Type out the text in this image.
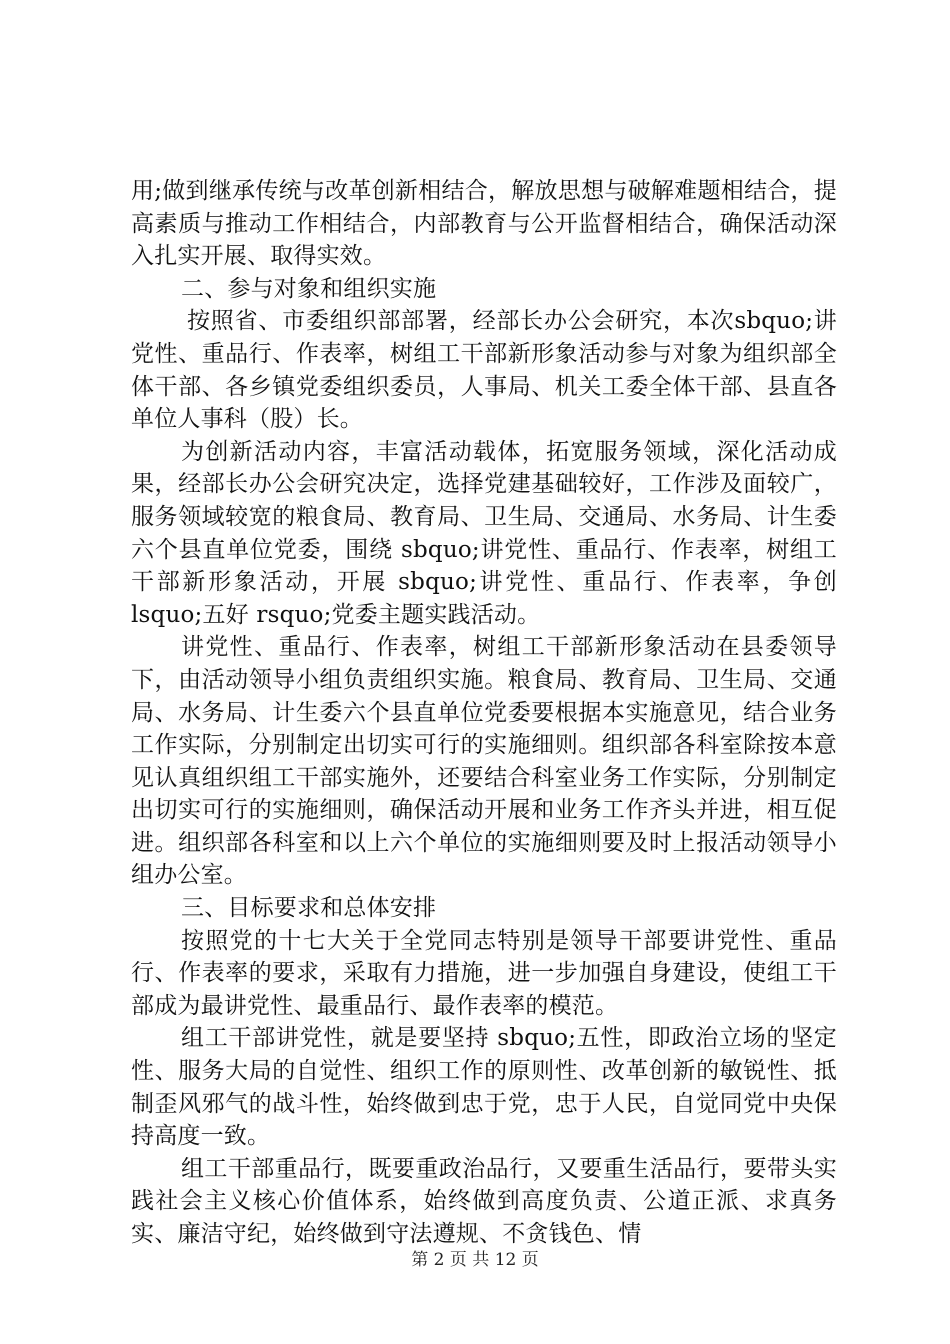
用;做到继承传统与改革创新相结合，解放思想与破解难题相结合，提高素质与推动工作相结合，内部教育与公开监督相结合，确保活动深入扎实开展、取得实效。

二、参与对象和组织实施

按照省、市委组织部部署，经部长办公会研究，本次sbquo;讲党性、重品行、作表率，树组工干部新形象活动参与对象为组织部全体干部、各乡镇党委组织委员，人事局、机关工委全体干部、县直各单位人事科（股）长。

为创新活动内容，丰富活动载体，拓宽服务领域，深化活动成果，经部长办公会研究决定，选择党建基础较好，工作涉及面较广，服务领域较宽的粮食局、教育局、卫生局、交通局、水务局、计生委六个县直单位党委，围绕 sbquo;讲党性、重品行、作表率，树组工干部新形象活动，开展 sbquo;讲党性、重品行、作表率，争创 lsquo;五好 rsquo;党委主题实践活动。

讲党性、重品行、作表率，树组工干部新形象活动在县委领导下，由活动领导小组负责组织实施。粮食局、教育局、卫生局、交通局、水务局、计生委六个县直单位党委要根据本实施意见，结合业务工作实际，分别制定出切实可行的实施细则。组织部各科室除按本意见认真组织组工干部实施外，还要结合科室业务工作实际，分别制定出切实可行的实施细则，确保活动开展和业务工作齐头并进，相互促进。组织部各科室和以上六个单位的实施细则要及时上报活动领导小组办公室。

三、目标要求和总体安排

按照党的十七大关于全党同志特别是领导干部要讲党性、重品行、作表率的要求，采取有力措施，进一步加强自身建设，使组工干部成为最讲党性、最重品行、最作表率的模范。

组工干部讲党性，就是要坚持 sbquo;五性，即政治立场的坚定性、服务大局的自觉性、组织工作的原则性、改革创新的敏锐性、抵制歪风邪气的战斗性，始终做到忠于党，忠于人民，自觉同党中央保持高度一致。

组工干部重品行，既要重政治品行，又要重生活品行，要带头实践社会主义核心价值体系，始终做到高度负责、公道正派、求真务实、廉洁守纪，始终做到守法遵规、不贪钱色、情

第 2 页 共 12 页
